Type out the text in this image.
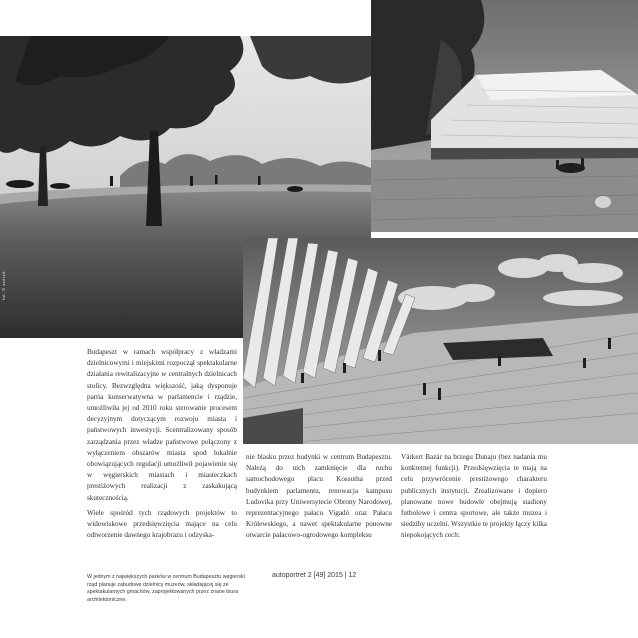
fot. © szerző

Budapeszt w ramach współpracy z władzami dzielnicowymi i miejskimi rozpoczął spektakularne działania rewitalizacyjne w centralnych dzielnicach stolicy. Bezwzględna większość, jaką dysponuje partia konserwatywna w parlamencie i rządzie, umożliwiła jej od 2010 roku sterowanie procesem decyzyjnym dotyczącym rozwoju miasta i państwowych inwestycji. Scentralizowany sposób zarządzania przez władze państwowe połączony z wyłączeniem obszarów miasta spod lokalnie obowiązujących regulacji umożliwił pojawienie się w węgierskich miastach i miasteczkach prestiżowych realizacji z zaskakującą skutecznością.

Wiele spośród tych rządowych projektów to widowiskowe przedsięwzięcia mające na celu odtworzenie dawnego krajobrazu i odzyska-

nie blasku przez budynki w centrum Budapesztu. Należą do nich zamknięcie dla ruchu samochodowego placu Kossutha przed budynkiem parlamentu, renowacja kampusu Ludovika przy Uniwersytecie Obrony Narodowej, reprezentacyjnego pałacu Vigadó oraz Pałacu Królewskiego, a nawet spektakularne ponowne otwarcie pałacowo-ogrodowego kompleksu

Várkert Bazár na brzegu Dunaju (bez nadania mu konkretnej funkcji). Przedsięwzięcia te mają na celu przywrócenie prestiżowego charakteru publicznych instytucji. Zrealizowane i dopiero planowane nowe budowle obejmują stadiony futbolowe i centra sportowe, ale także muzea i siedziby uczelni. Wszystkie te projekty łączy kilka niepokojących cech:

W jednym z największych parków w centrum Budapesztu węgierski rząd planuje zabudowę dzielnicy muzeów, składającej się ze spektakularnych gmachów, zaprojektowanych przez znane biura architektoniczne.
autoportret 2 [49] 2015 | 12
